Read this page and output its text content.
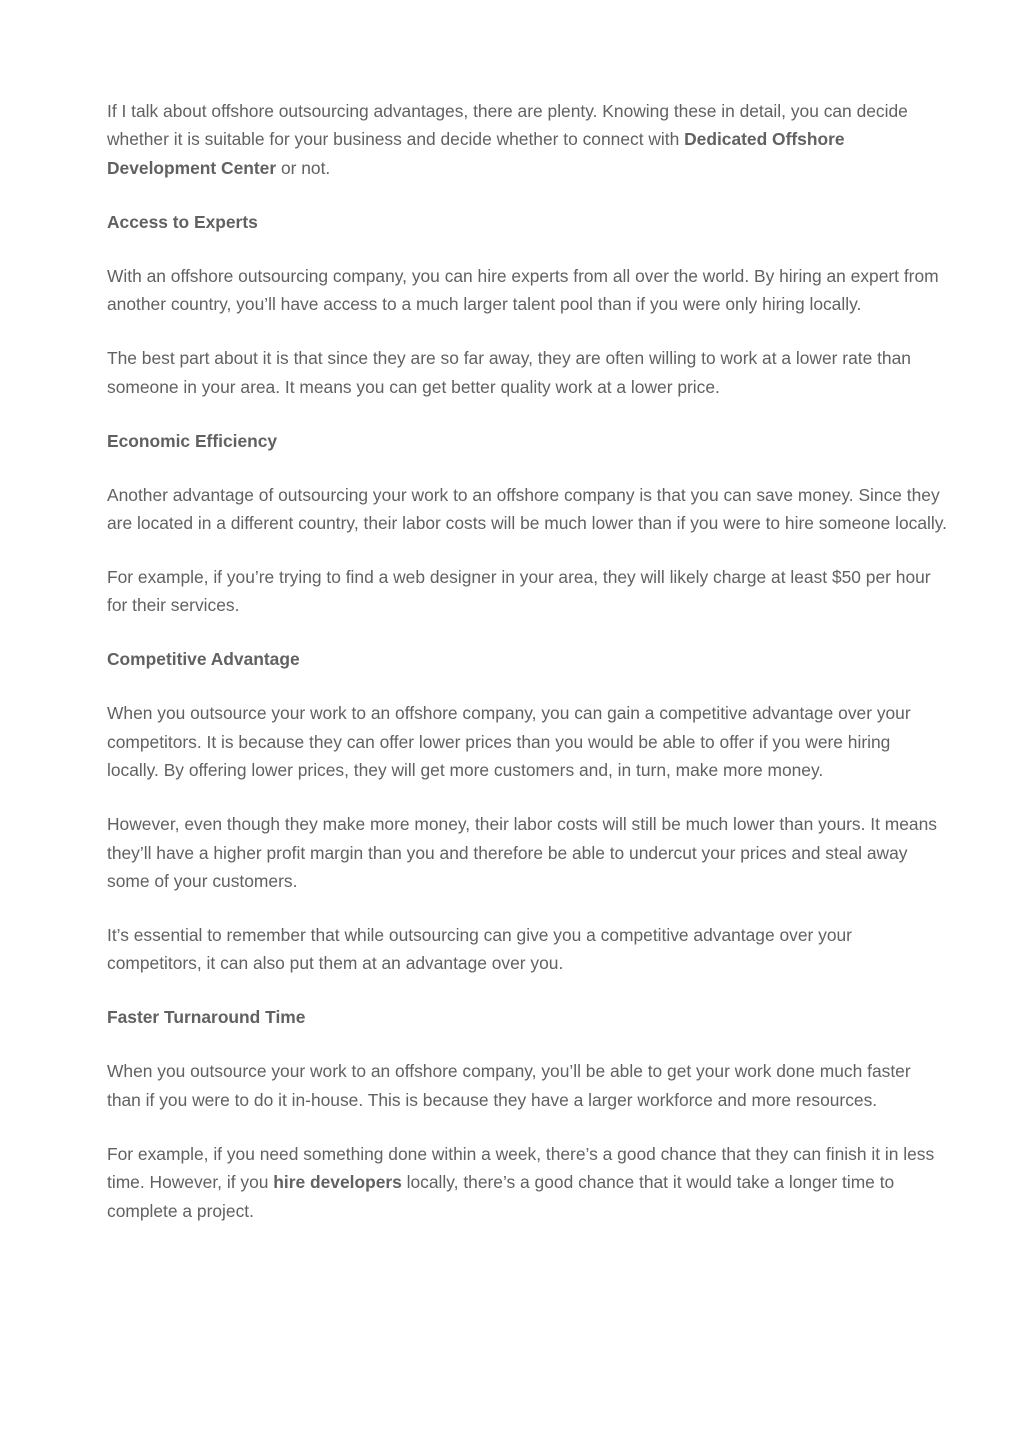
If I talk about offshore outsourcing advantages, there are plenty. Knowing these in detail, you can decide whether it is suitable for your business and decide whether to connect with Dedicated Offshore Development Center or not.

Access to Experts

With an offshore outsourcing company, you can hire experts from all over the world. By hiring an expert from another country, you’ll have access to a much larger talent pool than if you were only hiring locally.

The best part about it is that since they are so far away, they are often willing to work at a lower rate than someone in your area. It means you can get better quality work at a lower price.

Economic Efficiency

Another advantage of outsourcing your work to an offshore company is that you can save money. Since they are located in a different country, their labor costs will be much lower than if you were to hire someone locally.

For example, if you’re trying to find a web designer in your area, they will likely charge at least $50 per hour for their services.

Competitive Advantage

When you outsource your work to an offshore company, you can gain a competitive advantage over your competitors. It is because they can offer lower prices than you would be able to offer if you were hiring locally. By offering lower prices, they will get more customers and, in turn, make more money.

However, even though they make more money, their labor costs will still be much lower than yours. It means they’ll have a higher profit margin than you and therefore be able to undercut your prices and steal away some of your customers.

It’s essential to remember that while outsourcing can give you a competitive advantage over your competitors, it can also put them at an advantage over you.

Faster Turnaround Time

When you outsource your work to an offshore company, you’ll be able to get your work done much faster than if you were to do it in-house. This is because they have a larger workforce and more resources.

For example, if you need something done within a week, there’s a good chance that they can finish it in less time. However, if you hire developers locally, there’s a good chance that it would take a longer time to complete a project.
